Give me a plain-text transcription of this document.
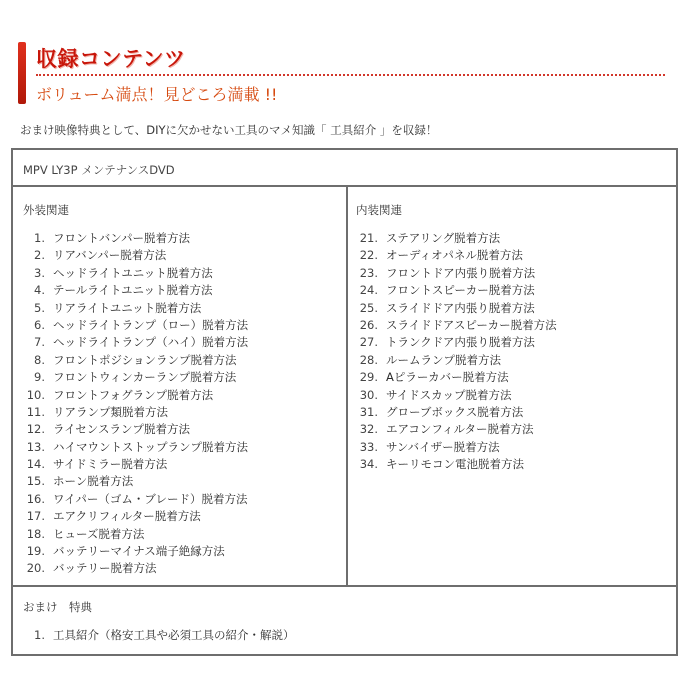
収録コンテンツ
ボリューム満点！見どころ満載 !!
おまけ映像特典として、DIYに欠かせない工具のマメ知識「 工具紹介 」を収録！
MPV LY3P メンテナンスDVD
外装関連
1. フロントバンパー脱着方法
2. リアバンパー脱着方法
3. ヘッドライトユニット脱着方法
4. テールライトユニット脱着方法
5. リアライトユニット脱着方法
6. ヘッドライトランプ（ロー）脱着方法
7. ヘッドライトランプ（ハイ）脱着方法
8. フロントポジションランプ脱着方法
9. フロントウィンカーランプ脱着方法
10. フロントフォグランプ脱着方法
11. リアランプ類脱着方法
12. ライセンスランプ脱着方法
13. ハイマウントストップランプ脱着方法
14. サイドミラー脱着方法
15. ホーン脱着方法
16. ワイパー（ゴム・ブレード）脱着方法
17. エアクリフィルター脱着方法
18. ヒューズ脱着方法
19. バッテリーマイナス端子絶縁方法
20. バッテリー脱着方法
内装関連
21. ステアリング脱着方法
22. オーディオパネル脱着方法
23. フロントドア内張り脱着方法
24. フロントスピーカー脱着方法
25. スライドドア内張り脱着方法
26. スライドドアスピーカー脱着方法
27. トランクドア内張り脱着方法
28. ルームランプ脱着方法
29. Aピラーカバー脱着方法
30. サイドスカップ脱着方法
31. グローブボックス脱着方法
32. エアコンフィルター脱着方法
33. サンバイザー脱着方法
34. キーリモコン電池脱着方法
おまけ　特典
1. 工具紹介（格安工具や必須工具の紹介・解説）
